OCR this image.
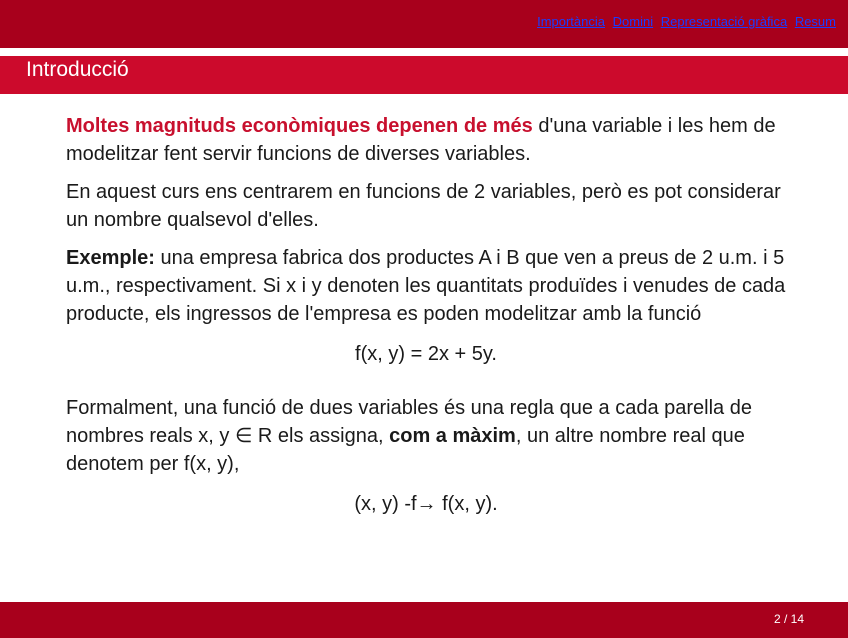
Importància Domini Representació gràfica Resum
Introducció

Moltes magnituds econòmiques depenen de més d'una variable i les hem de modelitzar fent servir funcions de diverses variables.

En aquest curs ens centrarem en funcions de 2 variables, però es pot considerar un nombre qualsevol d'elles.

Exemple: una empresa fabrica dos productes A i B que ven a preus de 2 u.m. i 5 u.m., respectivament. Si x i y denoten les quantitats produïdes i venudes de cada producte, els ingressos de l'empresa es poden modelitzar amb la funció

f(x, y) = 2x + 5y.

Formalment, una funció de dues variables és una regla que a cada parella de nombres reals x, y ∈ R els assigna, com a màxim, un altre nombre real que denotem per f(x, y),

(x, y) -f→ f(x, y).
2 / 14
